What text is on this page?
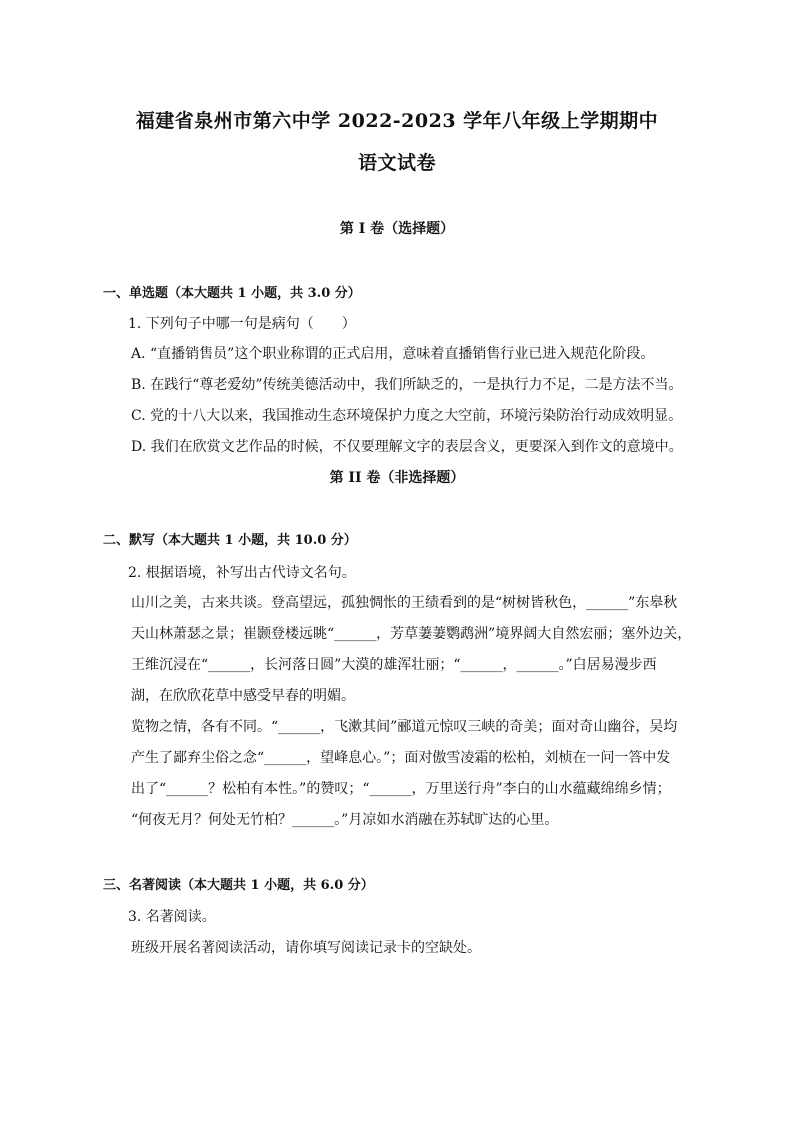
福建省泉州市第六中学 2022-2023 学年八年级上学期期中
语文试卷
第 I 卷（选择题）
一、单选题（本大题共 1 小题，共 3.0 分）
1. 下列句子中哪一句是病句（　　）
A. “直播销售员”这个职业称谓的正式启用，意味着直播销售行业已进入规范化阶段。
B. 在践行“尊老爱幼”传统美德活动中，我们所缺乏的，一是执行力不足，二是方法不当。
C. 党的十八大以来，我国推动生态环境保护力度之大空前，环境污染防治行动成效明显。
D. 我们在欣赏文艺作品的时候，不仅要理解文字的表层含义，更要深入到作文的意境中。
第 II 卷（非选择题）
二、默写（本大题共 1 小题，共 10.0 分）
2. 根据语境，补写出古代诗文名句。
山川之美，古来共谈。登高望远，孤独惆怅的王绩看到的是“树树皆秋色，______”东皋秋
天山林萧瑟之景；崔颢登楼远眺“______，芳草萋萋鹦鹉洲”境界阔大自然宏丽；塞外边关，
王维沉浸在“______，长河落日圆”大漠的雄浑壮丽；“______，______。”白居易漫步西
湖，在欣欣花草中感受早春的明媚。
览物之情，各有不同。“______，飞漱其间”郦道元惊叹三峡的奇美；面对奇山幽谷，吴均
产生了鄙弃尘俗之念“______，望峰息心。”；面对傲雪凌霜的松柏，刘桢在一问一答中发
出了“______？松柏有本性。”的赞叹；“______，万里送行舟”李白的山水蕴藏绵绵乡情；
“何夜无月？何处无竹柏？______。”月凉如水消融在苏轼旷达的心里。
三、名著阅读（本大题共 1 小题，共 6.0 分）
3. 名著阅读。
班级开展名著阅读活动，请你填写阅读记录卡的空缺处。
